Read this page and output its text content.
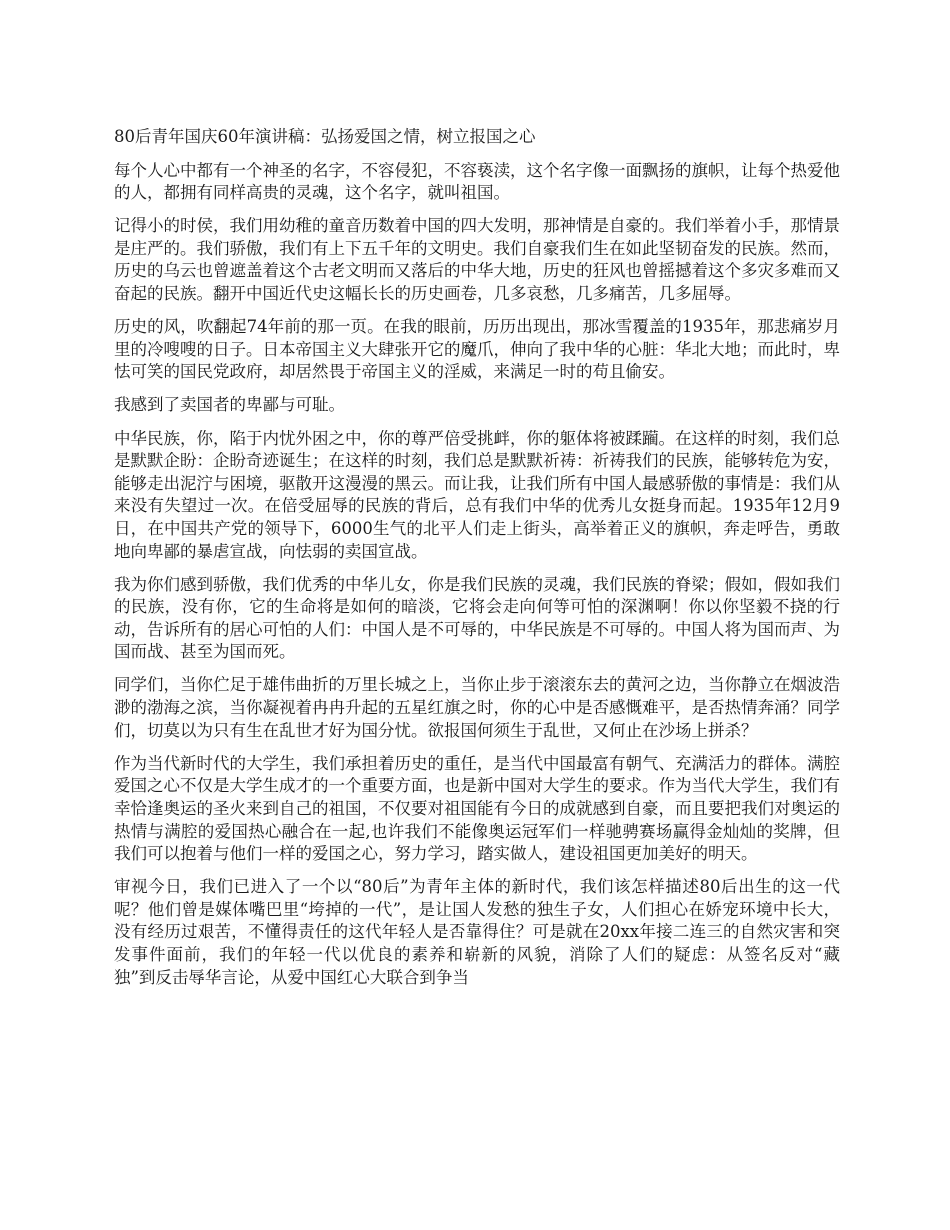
80后青年国庆60年演讲稿：弘扬爱国之情，树立报国之心

每个人心中都有一个神圣的名字，不容侵犯，不容亵渎，这个名字像一面飘扬的旗帜，让每个热爱他的人，都拥有同样高贵的灵魂，这个名字，就叫祖国。

记得小的时侯，我们用幼稚的童音历数着中国的四大发明，那神情是自豪的。我们举着小手，那情景是庄严的。我们骄傲，我们有上下五千年的文明史。我们自豪我们生在如此坚韧奋发的民族。然而，历史的乌云也曾遮盖着这个古老文明而又落后的中华大地，历史的狂风也曾摇撼着这个多灾多难而又奋起的民族。翻开中国近代史这幅长长的历史画卷，几多哀愁，几多痛苦，几多屈辱。

历史的风，吹翻起74年前的那一页。在我的眼前，历历出现出，那冰雪覆盖的1935年，那悲痛岁月里的冷嗖嗖的日子。日本帝国主义大肆张开它的魔爪，伸向了我中华的心脏：华北大地；而此时，卑怯可笑的国民党政府，却居然畏于帝国主义的淫威，来满足一时的苟且偷安。

我感到了卖国者的卑鄙与可耻。

中华民族，你，陷于内忧外困之中，你的尊严倍受挑衅，你的躯体将被蹂躏。在这样的时刻，我们总是默默企盼：企盼奇迹诞生；在这样的时刻，我们总是默默祈祷：祈祷我们的民族，能够转危为安，能够走出泥泞与困境，驱散开这漫漫的黑云。而让我，让我们所有中国人最感骄傲的事情是：我们从来没有失望过一次。在倍受屈辱的民族的背后，总有我们中华的优秀儿女挺身而起。1935年12月9日，在中国共产党的领导下，6000生气的北平人们走上街头，高举着正义的旗帜，奔走呼告，勇敢地向卑鄙的暴虐宣战，向怯弱的卖国宣战。

我为你们感到骄傲，我们优秀的中华儿女，你是我们民族的灵魂，我们民族的脊梁；假如，假如我们的民族，没有你，它的生命将是如何的暗淡，它将会走向何等可怕的深渊啊！你以你坚毅不挠的行动，告诉所有的居心可怕的人们：中国人是不可辱的，中华民族是不可辱的。中国人将为国而声、为国而战、甚至为国而死。

同学们，当你伫足于雄伟曲折的万里长城之上，当你止步于滚滚东去的黄河之边，当你静立在烟波浩渺的渤海之滨，当你凝视着冉冉升起的五星红旗之时，你的心中是否感慨难平，是否热情奔涌？同学们，切莫以为只有生在乱世才好为国分忧。欲报国何须生于乱世，又何止在沙场上拼杀？

作为当代新时代的大学生，我们承担着历史的重任，是当代中国最富有朝气、充满活力的群体。满腔爱国之心不仅是大学生成才的一个重要方面，也是新中国对大学生的要求。作为当代大学生，我们有幸恰逢奥运的圣火来到自己的祖国，不仅要对祖国能有今日的成就感到自豪，而且要把我们对奥运的热情与满腔的爱国热心融合在一起,也许我们不能像奥运冠军们一样驰骋赛场赢得金灿灿的奖牌，但我们可以抱着与他们一样的爱国之心，努力学习，踏实做人，建设祖国更加美好的明天。

审视今日，我们已进入了一个以“80后”为青年主体的新时代，我们该怎样描述80后出生的这一代呢？他们曾是媒体嘴巴里“垮掉的一代”，是让国人发愁的独生子女，人们担心在娇宠环境中长大，没有经历过艰苦，不懂得责任的这代年轻人是否靠得住？可是就在20xx年接二连三的自然灾害和突发事件面前，我们的年轻一代以优良的素养和崭新的风貌，消除了人们的疑虑：从签名反对“藏独”到反击辱华言论，从爱中国红心大联合到争当
